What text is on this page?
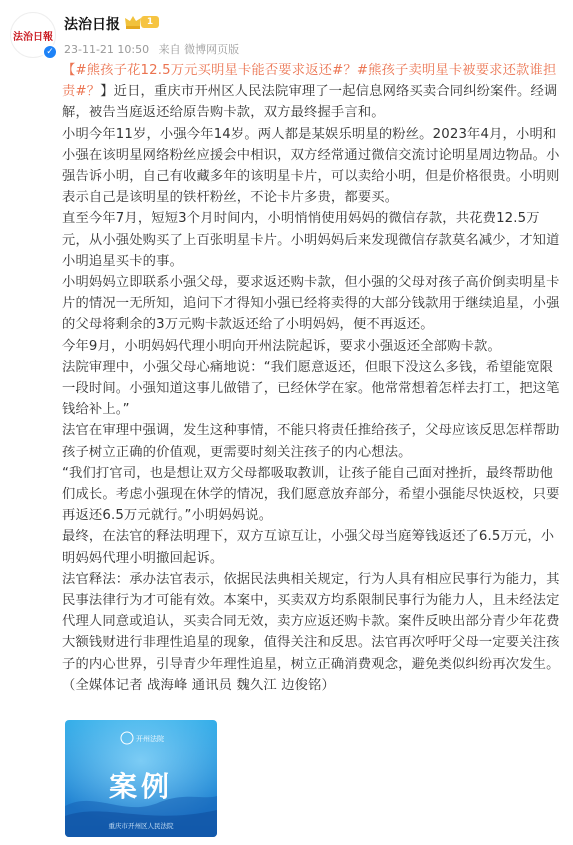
法治日報
✓
法治日报	1
23-11-21 10:50 来自 微博网页版

【#熊孩子花12.5万元买明星卡能否要求返还#？#熊孩子卖明星卡被要求还款谁担责#？】近日，重庆市开州区人民法院审理了一起信息网络买卖合同纠纷案件。经调解，被告当庭返还给原告购卡款，双方最终握手言和。

小明今年11岁，小强今年14岁。两人都是某娱乐明星的粉丝。2023年4月，小明和小强在该明星网络粉丝应援会中相识，双方经常通过微信交流讨论明星周边物品。小强告诉小明，自己有收藏多年的该明星卡片，可以卖给小明，但是价格很贵。小明则表示自己是该明星的铁杆粉丝，不论卡片多贵，都要买。

直至今年7月，短短3个月时间内，小明悄悄使用妈妈的微信存款，共花费12.5万元，从小强处购买了上百张明星卡片。小明妈妈后来发现微信存款莫名减少，才知道小明追星买卡的事。

小明妈妈立即联系小强父母，要求返还购卡款，但小强的父母对孩子高价倒卖明星卡片的情况一无所知，追问下才得知小强已经将卖得的大部分钱款用于继续追星，小强的父母将剩余的3万元购卡款返还给了小明妈妈，便不再返还。

今年9月，小明妈妈代理小明向开州法院起诉，要求小强返还全部购卡款。

法院审理中，小强父母心痛地说：“我们愿意返还，但眼下没这么多钱，希望能宽限一段时间。小强知道这事儿做错了，已经休学在家。他常常想着怎样去打工，把这笔钱给补上。”

法官在审理中强调，发生这种事情，不能只将责任推给孩子，父母应该反思怎样帮助孩子树立正确的价值观，更需要时刻关注孩子的内心想法。

“我们打官司，也是想让双方父母都吸取教训，让孩子能自己面对挫折，最终帮助他们成长。考虑小强现在休学的情况，我们愿意放弃部分，希望小强能尽快返校，只要再返还6.5万元就行。”小明妈妈说。

最终，在法官的释法明理下，双方互谅互让，小强父母当庭筹钱返还了6.5万元，小明妈妈代理小明撤回起诉。

法官释法：承办法官表示，依据民法典相关规定，行为人具有相应民事行为能力，其民事法律行为才可能有效。本案中，买卖双方均系限制民事行为能力人，且未经法定代理人同意或追认，买卖合同无效，卖方应返还购卡款。案件反映出部分青少年花费大额钱财进行非理性追星的现象，值得关注和反思。法官再次呼吁父母一定要关注孩子的内心世界，引导青少年理性追星，树立正确消费观念，避免类似纠纷再次发生。（全媒体记者 战海峰 通讯员 魏久江 边俊铭）

开州法院
案例
重庆市开州区人民法院
